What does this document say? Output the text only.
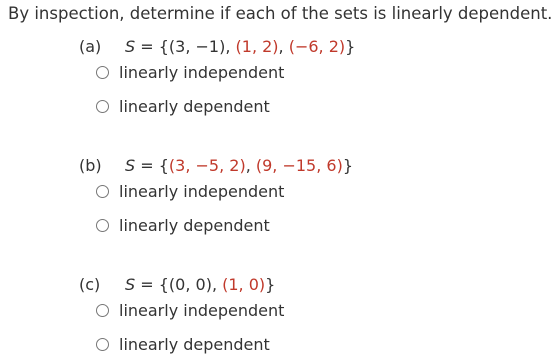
By inspection, determine if each of the sets is linearly dependent.
(a) S = {(3, −1), (1, 2), (−6, 2)}
linearly independent
linearly dependent
(b) S = {(3, −5, 2), (9, −15, 6)}
linearly independent
linearly dependent
(c) S = {(0, 0), (1, 0)}
linearly independent
linearly dependent
